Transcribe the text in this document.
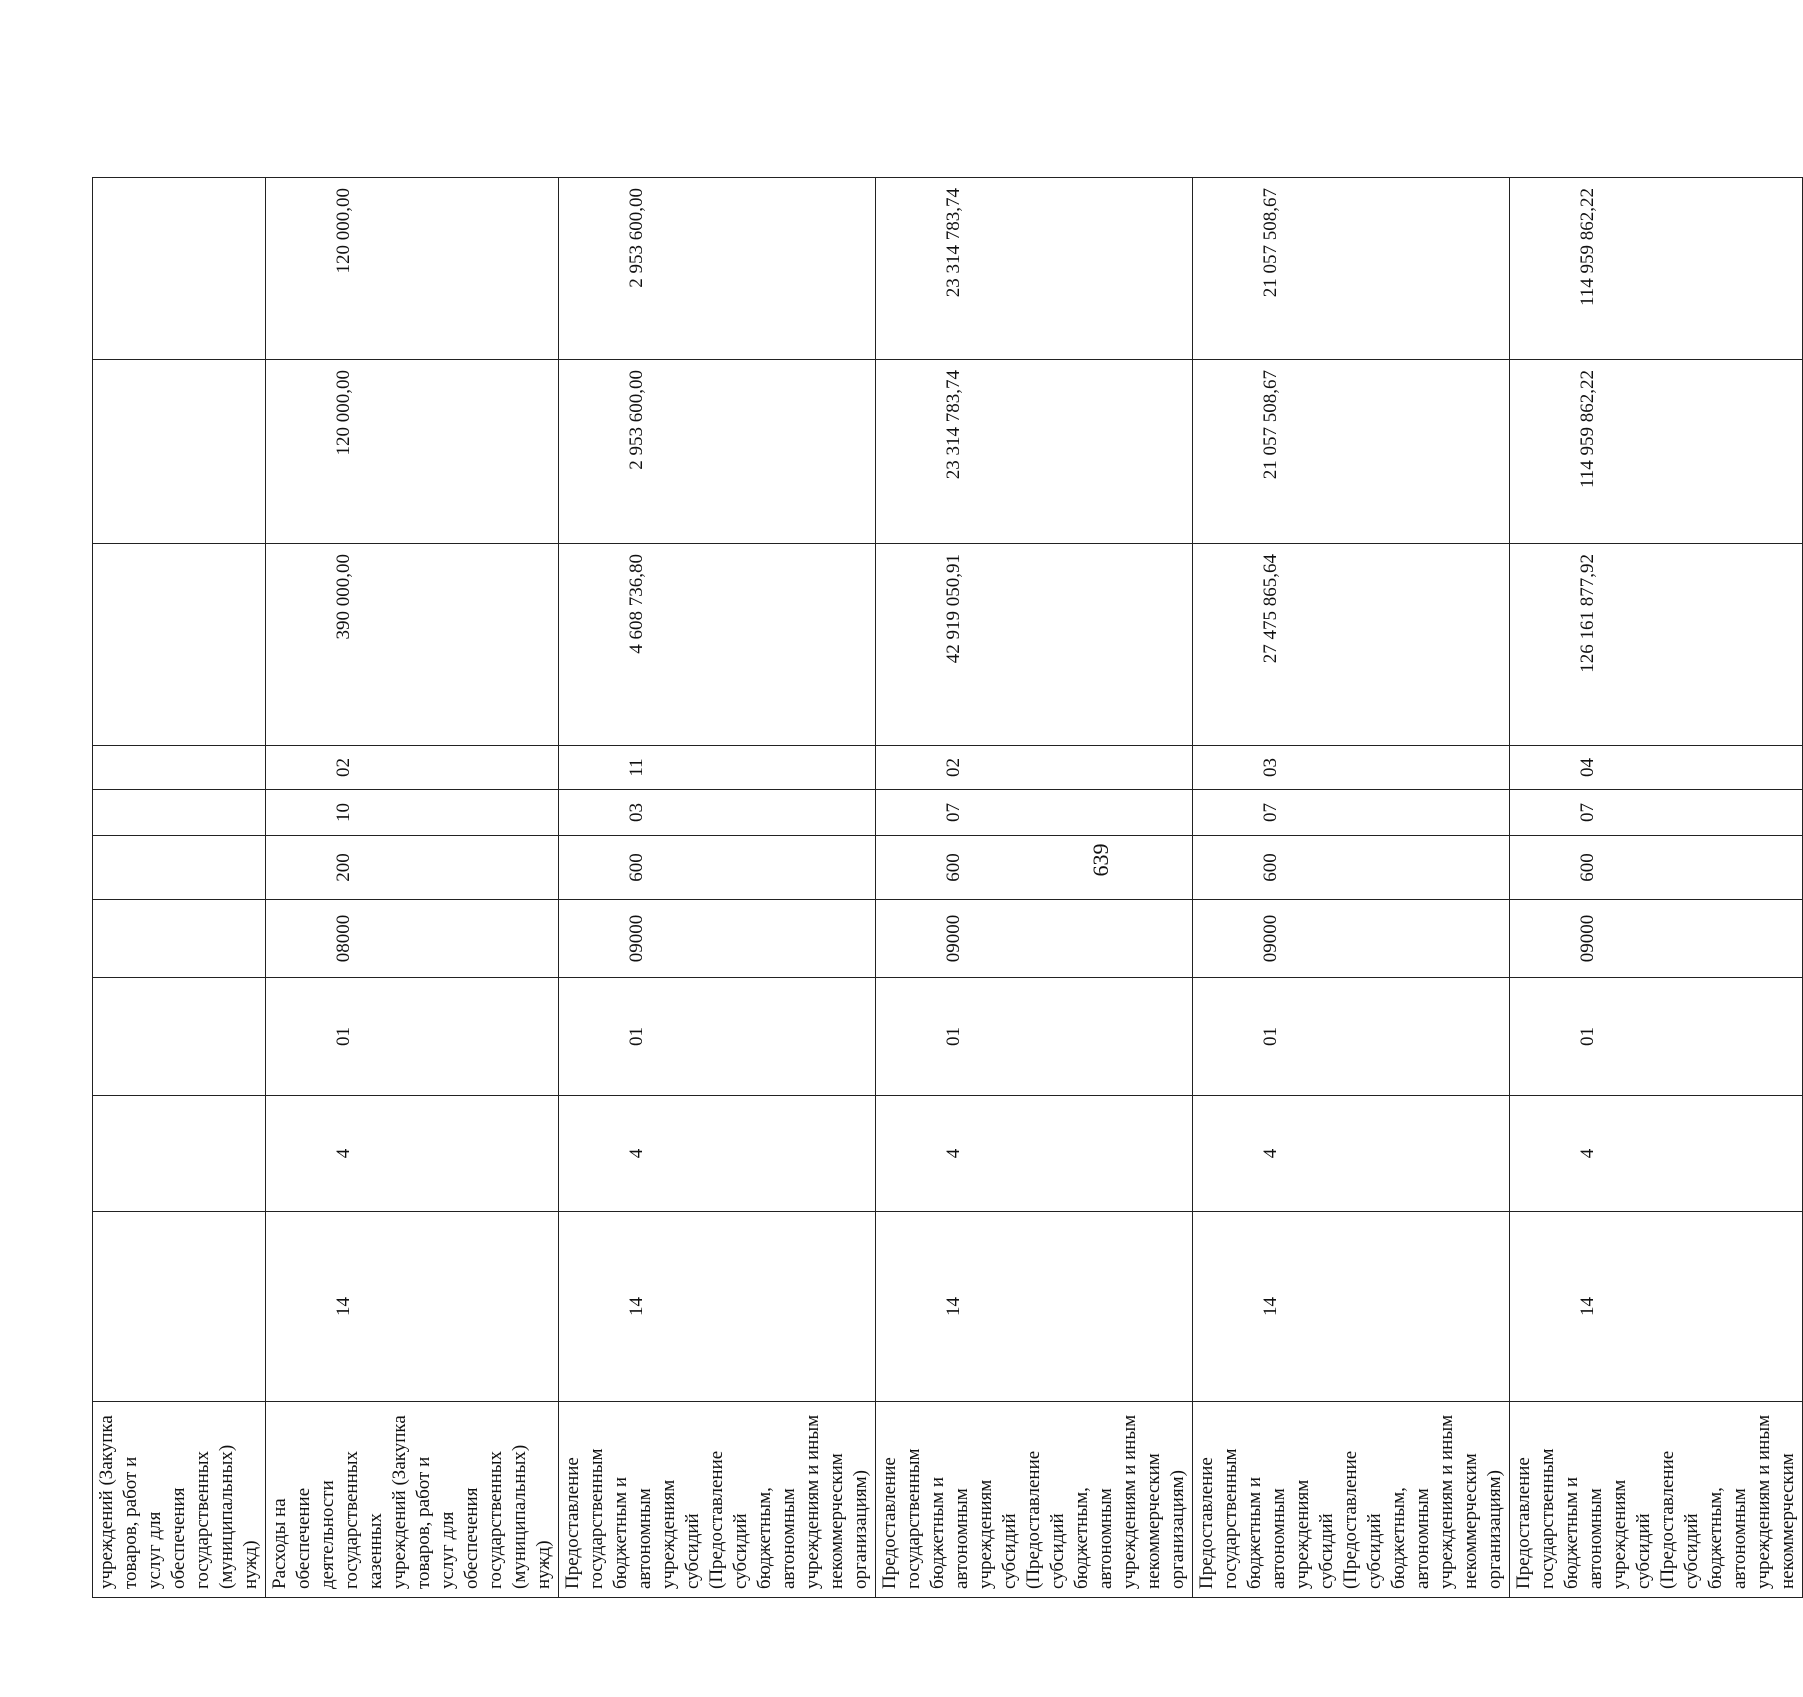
639
учреждений (Закупка товаров, работ и услуг для обеспечения государственных (муниципальных) нужд)										
Расходы на обеспечение деятельности государственных казенных учреждений (Закупка товаров, работ и услуг для обеспечения государственных (муниципальных) нужд)	14	4	01	08000	200	10	02	390 000,00	120 000,00	120 000,00
Предоставление государственным бюджетным и автономным учреждениям субсидий (Предоставление субсидий бюджетным, автономным учреждениям и иным некоммерческим организациям)	14	4	01	09000	600	03	11	4 608 736,80	2 953 600,00	2 953 600,00
Предоставление государственным бюджетным и автономным учреждениям субсидий (Предоставление субсидий бюджетным, автономным учреждениям и иным некоммерческим организациям)	14	4	01	09000	600	07	02	42 919 050,91	23 314 783,74	23 314 783,74
Предоставление государственным бюджетным и автономным учреждениям субсидий (Предоставление субсидий бюджетным, автономным учреждениям и иным некоммерческим организациям)	14	4	01	09000	600	07	03	27 475 865,64	21 057 508,67	21 057 508,67
Предоставление государственным бюджетным и автономным учреждениям субсидий (Предоставление субсидий бюджетным, автономным учреждениям и иным некоммерческим	14	4	01	09000	600	07	04	126 161 877,92	114 959 862,22	114 959 862,22
